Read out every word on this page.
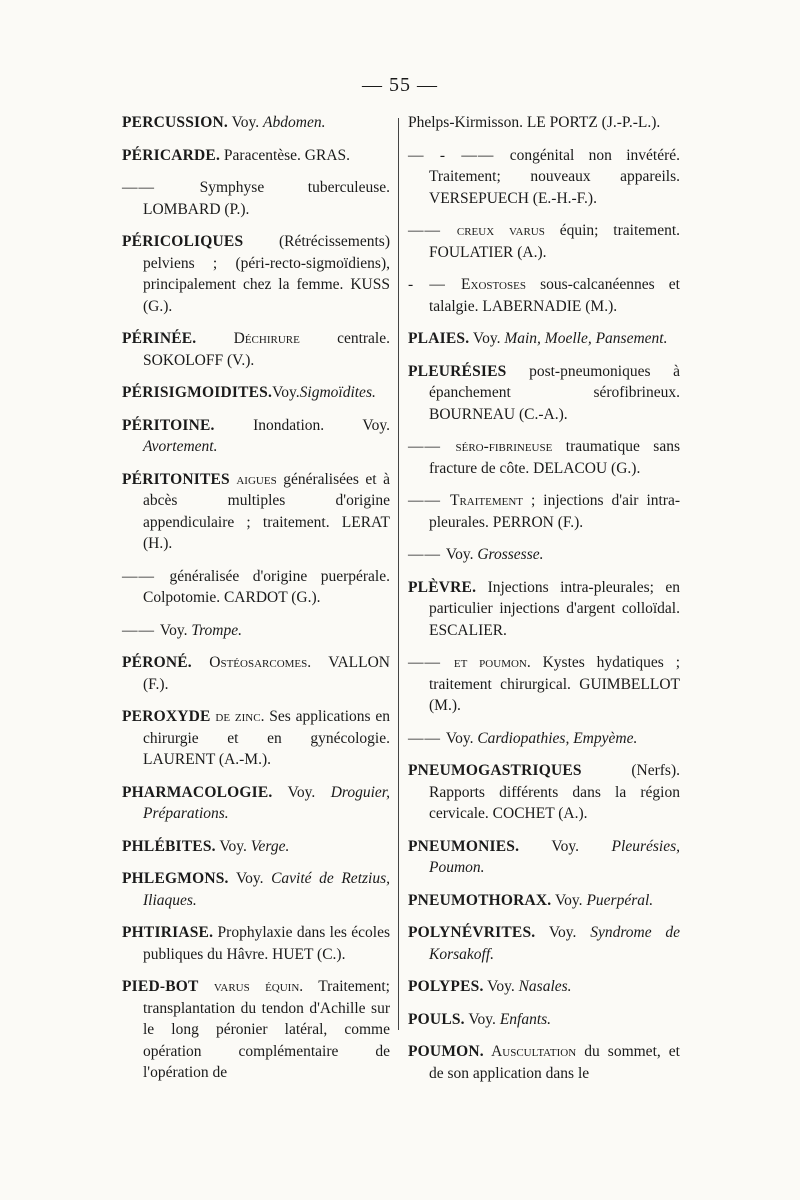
— 55 —

PERCUSSION. Voy. Abdomen.

PÉRICARDE. Paracentèse. GRAS.

—— Symphyse tuberculeuse. LOMBARD (P.).

PÉRICOLIQUES (Rétrécissements) pelviens ; (péri-recto-sigmoïdiens), principalement chez la femme. KUSS (G.).

PÉRINÉE. Déchirure centrale. SOKOLOFF (V.).

PÉRISIGMOIDITES.Voy.Sigmoïdites.

PÉRITOINE. Inondation. Voy. Avortement.

PÉRITONITES aigues généralisées et à abcès multiples d'origine appendiculaire ; traitement. LERAT (H.).

—— généralisée d'origine puerpérale. Colpotomie. CARDOT (G.).

—— Voy. Trompe.

PÉRONÉ. Ostéosarcomes. VALLON (F.).

PEROXYDE de zinc. Ses applications en chirurgie et en gynécologie. LAURENT (A.-M.).

PHARMACOLOGIE. Voy. Droguier, Préparations.

PHLÉBITES. Voy. Verge.

PHLEGMONS. Voy. Cavité de Retzius, Iliaques.

PHTIRIASE. Prophylaxie dans les écoles publiques du Hâvre. HUET (C.).

PIED-BOT varus équin. Traitement; transplantation du tendon d'Achille sur le long péronier latéral, comme opération complémentaire de l'opération de

Phelps-Kirmisson. LE PORTZ (J.-P.-L.).

— - —— congénital non invétéré. Traitement; nouveaux appareils. VERSEPUECH (E.-H.-F.).

—— creux varus équin; traitement. FOULATIER (A.).

- — Exostoses sous-calcanéennes et talalgie. LABERNADIE (M.).

PLAIES. Voy. Main, Moelle, Pansement.

PLEURÉSIES post-pneumoniques à épanchement sérofibrineux. BOURNEAU (C.-A.).

—— séro-fibrineuse traumatique sans fracture de côte. DELACOU (G.).

—— Traitement ; injections d'air intra-pleurales. PERRON (F.).

—— Voy. Grossesse.

PLÈVRE. Injections intra-pleurales; en particulier injections d'argent colloïdal. ESCALIER.

—— et poumon. Kystes hydatiques ; traitement chirurgical. GUIMBELLOT (M.).

—— Voy. Cardiopathies, Empyème.

PNEUMOGASTRIQUES (Nerfs). Rapports différents dans la région cervicale. COCHET (A.).

PNEUMONIES. Voy. Pleurésies, Poumon.

PNEUMOTHORAX. Voy. Puerpéral.

POLYNÉVRITES. Voy. Syndrome de Korsakoff.

POLYPES. Voy. Nasales.

POULS. Voy. Enfants.

POUMON. Auscultation du sommet, et de son application dans le
